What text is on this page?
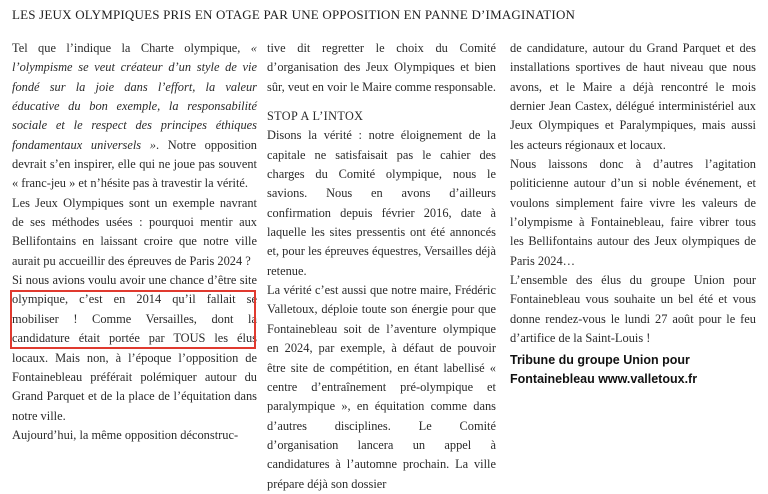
LES JEUX OLYMPIQUES PRIS EN OTAGE PAR UNE OPPOSITION EN PANNE D’IMAGINATION

Tel que l’indique la Charte olympique, « l’olympisme se veut créateur d’un style de vie fondé sur la joie dans l’effort, la valeur éducative du bon exemple, la responsabilité sociale et le respect des principes éthiques fondamentaux universels ». Notre opposition devrait s’en inspirer, elle qui ne joue pas souvent « franc-jeu » et n’hésite pas à travestir la vérité.

Les Jeux Olympiques sont un exemple navrant de ses méthodes usées : pourquoi mentir aux Bellifontains en laissant croire que notre ville aurait pu accueillir des épreuves de Paris 2024 ?

Si nous avions voulu avoir une chance d’être site olympique, c’est en 2014 qu’il fallait se mobiliser ! Comme Versailles, dont la candidature était portée par TOUS les élus locaux. Mais non, à l’époque l’opposition de Fontainebleau préférait polémiquer autour du Grand Parquet et de la place de l’équitation dans notre ville.

Aujourd’hui, la même opposition déconstruc-

tive dit regretter le choix du Comité d’organisation des Jeux Olympiques et bien sûr, veut en voir le Maire comme responsable.

STOP A L’INTOX

Disons la vérité : notre éloignement de la capitale ne satisfaisait pas le cahier des charges du Comité olympique, nous le savions. Nous en avons d’ailleurs confirmation depuis février 2016, date à laquelle les sites pressentis ont été annoncés et, pour les épreuves équestres, Versailles déjà retenue.

La vérité c’est aussi que notre maire, Frédéric Valletoux, déploie toute son énergie pour que Fontainebleau soit de l’aventure olympique en 2024, par exemple, à défaut de pouvoir être site de compétition, en étant labellisé « centre d’entraînement pré-olympique et paralympique », en équitation comme dans d’autres disciplines. Le Comité d’organisation lancera un appel à candidatures à l’automne prochain. La ville prépare déjà son dossier

de candidature, autour du Grand Parquet et des installations sportives de haut niveau que nous avons, et le Maire a déjà rencontré le mois dernier Jean Castex, délégué interministériel aux Jeux Olympiques et Paralympiques, mais aussi les acteurs régionaux et locaux.

Nous laissons donc à d’autres l’agitation politicienne autour d’un si noble événement, et voulons simplement faire vivre les valeurs de l’olympisme à Fontainebleau, faire vibrer tous les Bellifontains autour des Jeux olympiques de Paris 2024…

L’ensemble des élus du groupe Union pour Fontainebleau vous souhaite un bel été et vous donne rendez-vous le lundi 27 août pour le feu d’artifice de la Saint-Louis !

Tribune du groupe Union pour Fontainebleau www.valletoux.fr
